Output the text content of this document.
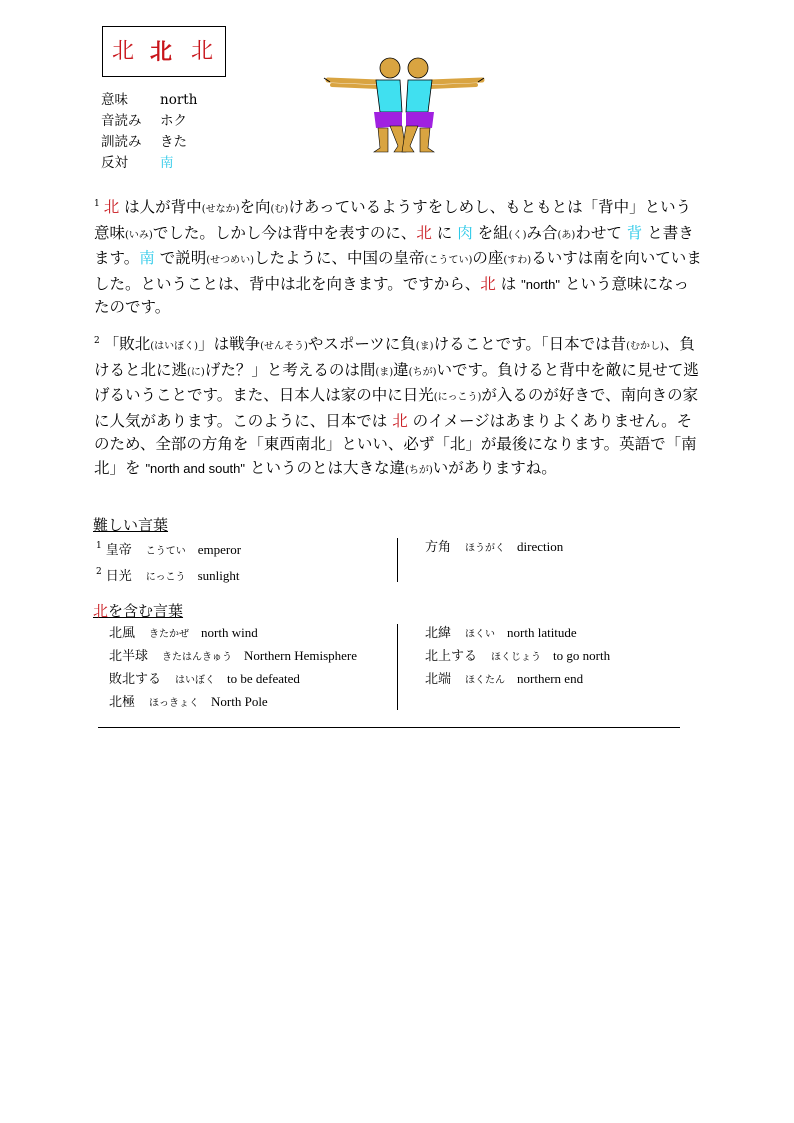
北 北 北
意味	north
音読み	ホク
訓読み	きた
反対	南

$^1$ 北 は人が背中(せなか)を向(む)けあっているようすをしめし、もともとは「背中」という意味(いみ)でした。しかし今は背中を表すのに、北 に 肉 を組(く)み合(あ)わせて 背 と書きます。南 で説明(せつめい)したように、中国の皇帝(こうてい)の座(すわ)るいすは南を向いていました。ということは、背中は北を向きます。ですから、北 は "north" という意味になったのです。

$^2$ 「敗北(はいぼく)」は戦争(せんそう)やスポーツに負(ま)けることです。「日本では昔(むかし)、負けると北に逃(に)げた？」と考えるのは間(ま)違(ちが)いです。負けると背中を敵に見せて逃げるいうことです。また、日本人は家の中に日光(にっこう)が入るのが好きで、南向きの家に人気があります。このように、日本では 北 のイメージはあまりよくありません。そのため、全部の方角を「東西南北」といい、必ず「北」が最後になります。英語で「南北」を "north and south" というのとは大きな違(ちが)いがありますね。

難しい言葉
$^1$ 皇帝 こうてい emperor
$^2$ 日光 にっこう sunlight
方角 ほうがく direction
北を含む言葉
北風 きたかぜ north wind
北半球 きたはんきゅう Northern Hemisphere
敗北する はいぼく to be defeated
北極 ほっきょく North Pole
北緯 ほくい north latitude
北上する ほくじょう to go north
北端 ほくたん northern end
